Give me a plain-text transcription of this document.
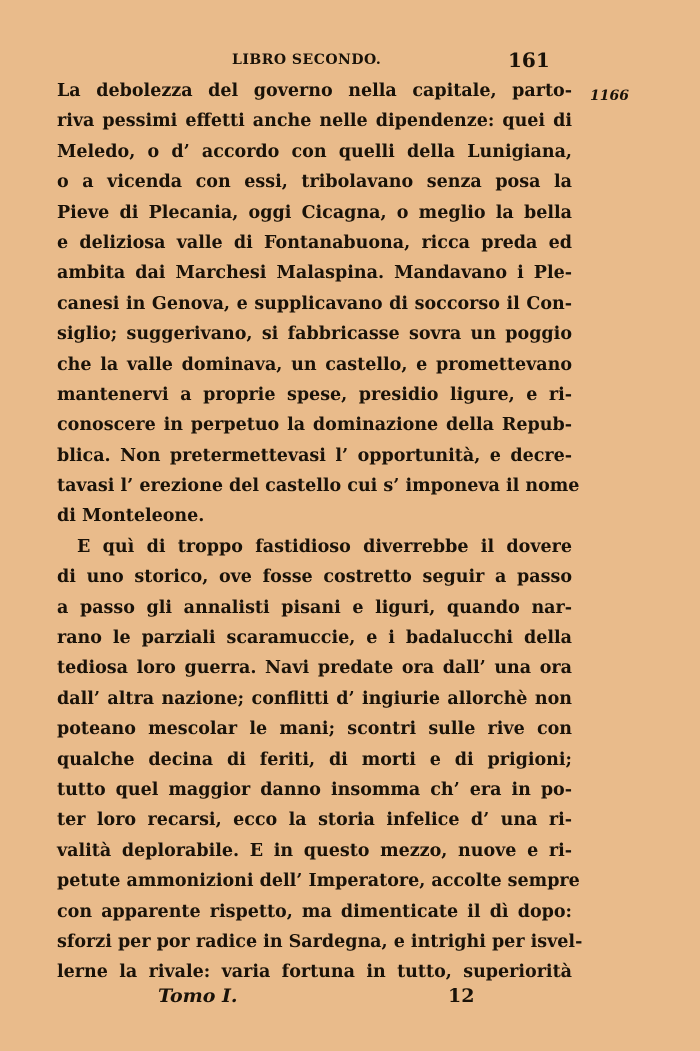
LIBRO SECONDO.	161
1166
La debolezza del governo nella capitale, parto-
riva pessimi effetti anche nelle dipendenze: quei di
Meledo, o d’ accordo con quelli della Lunigiana,
o a vicenda con essi, tribolavano senza posa la
Pieve di Plecania, oggi Cicagna, o meglio la bella
e deliziosa valle di Fontanabuona, ricca preda ed
ambita dai Marchesi Malaspina. Mandavano i Ple-
canesi in Genova, e supplicavano di soccorso il Con-
siglio; suggerivano, si fabbricasse sovra un poggio
che la valle dominava, un castello, e promettevano
mantenervi a proprie spese, presidio ligure, e ri-
conoscere in perpetuo la dominazione della Repub-
blica. Non pretermettevasi l’ opportunità, e decre-
tavasi l’ erezione del castello cui s’ imponeva il nome
di Monteleone.
E quì di troppo fastidioso diverrebbe il dovere
di uno storico, ove fosse costretto seguir a passo
a passo gli annalisti pisani e liguri, quando nar-
rano le parziali scaramuccie, e i badalucchi della
tediosa loro guerra. Navi predate ora dall’ una ora
dall’ altra nazione; conflitti d’ ingiurie allorchè non
poteano mescolar le mani; scontri sulle rive con
qualche decina di feriti, di morti e di prigioni;
tutto quel maggior danno insomma ch’ era in po-
ter loro recarsi, ecco la storia infelice d’ una ri-
valità deplorabile. E in questo mezzo, nuove e ri-
petute ammonizioni dell’ Imperatore, accolte sempre
con apparente rispetto, ma dimenticate il dì dopo:
sforzi per por radice in Sardegna, e intrighi per isvel-
lerne la rivale: varia fortuna in tutto, superiorità
Tomo I.	12
